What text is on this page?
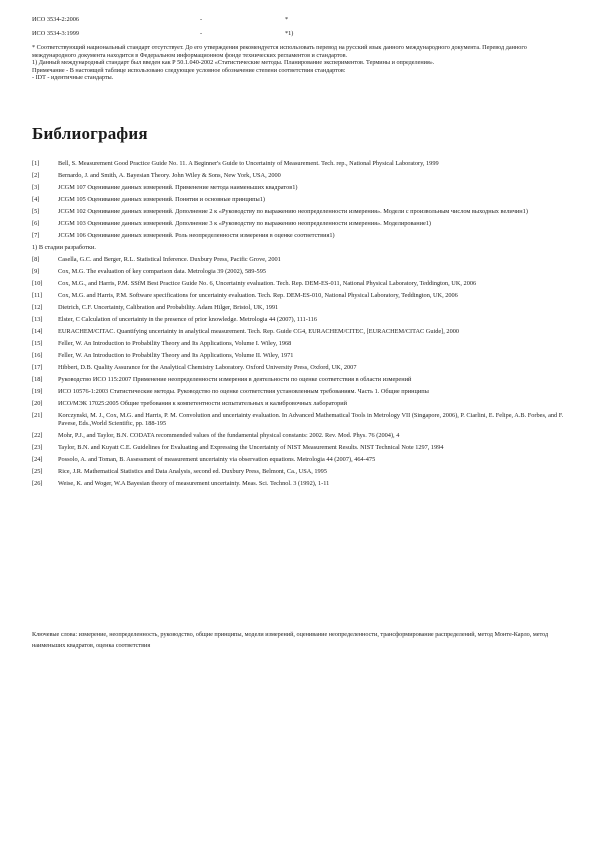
ИСО 3534-2:2006	-	*
ИСО 3534-3:1999	-	*1)

* Соответствующий национальный стандарт отсутствует. До его утверждения рекомендуется использовать перевод на русский язык данного международного документа. Перевод данного международного документа находится в Федеральном информационном фонде технических регламентов и стандартов.

1) Данный международный стандарт был введен как Р 50.1.040-2002 «Статистические методы. Планирование экспериментов. Термины и определения».

Примечание - В настоящей таблице использовано следующее условное обозначение степени соответствия стандартов:

- IDT - идентичные стандарты.

Библиография
[1]	Bell, S. Measurement Good Practice Guide No. 11. A Beginner's Guide to Uncertainty of Measurement. Tech. rep., National Physical Laboratory, 1999
[2]	Bernardo, J. and Smith, A. Bayesian Theory. John Wiley & Sons, New York, USA, 2000
[3]	JCGM 107 Оценивание данных измерений. Применение метода наименьших квадратов1)
[4]	JCGM 105 Оценивание данных измерений. Понятия и основные принципы1)
[5]	JCGM 102 Оценивание данных измерений. Дополнение 2 к «Руководству по выражению неопределенности измерения». Модели с произвольным числом выходных величин1)
[6]	JCGM 103 Оценивание данных измерений. Дополнение 3 к «Руководству по выражению неопределенности измерения». Моделирование1)
[7]	JCGM 106 Оценивание данных измерений. Роль неопределенности измерения в оценке соответствия1)
1) В стадии разработки.
[8]	Casella, G.C. and Berger, R.L. Statistical Inference. Duxbury Press, Pacific Grove, 2001
[9]	Cox, M.G. The evaluation of key comparison data. Metrologia 39 (2002), 589-595
[10]	Cox, M.G., and Harris, P.M. SSfM Best Practice Guide No. 6, Uncertainty evaluation. Tech. Rep. DEM-ES-011, National Physical Laboratory, Teddington, UK, 2006
[11]	Cox, M.G. and Harris, P.M. Software specifications for uncertainty evaluation. Tech. Rep. DEM-ES-010, National Physical Laboratory, Teddington, UK, 2006
[12]	Dietrich, C.F. Uncertainty, Calibration and Probability. Adam Hilger, Bristol, UK, 1991
[13]	Elster, C Calculation of uncertainty in the presence of prior knowledge. Metrologia 44 (2007), 111-116
[14]	EURACHEM/CITAC. Quantifying uncertainty in analytical measurement. Tech. Rep. Guide CG4, EURACHEM/CITEC, [EURACHEM/CITAC Guide], 2000
[15]	Feller, W. An Introduction to Probability Theory and Its Applications, Volume I. Wiley, 1968
[16]	Feller, W. An Introduction to Probability Theory and Its Applications, Volume II. Wiley, 1971
[17]	Hibbert, D.B. Quality Assurance for the Analytical Chemistry Laboratory. Oxford University Press, Oxford, UK, 2007
[18]	Руководство ИСО 115:2007 Применение неопределенности измерения в деятельности по оценке соответствия в области измерений
[19]	ИСО 10576-1:2003 Статистические методы. Руководство по оценке соответствия установленным требованиям. Часть 1. Общие принципы
[20]	ИСО/МЭК 17025:2005 Общие требования к компетентности испытательных и калибровочных лабораторий
[21]	Korczynski, M. J., Cox, M.G. and Harris, P. M. Convolution and uncertainty evaluation. In Advanced Mathematical Tools in Metrology VII (Singapore, 2006), P. Ciarlini, E. Felipe, A.B. Forbes, and F. Pavese, Eds.,World Scientific, pp. 188-195
[22]	Mohr, P.J., and Taylor, B.N. CODATA recommended values of the fundamental physical constants: 2002. Rev. Mod. Phys. 76 (2004), 4
[23]	Taylor, B.N. and Kuyatt C.E. Guidelines for Evaluating and Expressing the Uncertainty of NIST Measurement Results. NIST Technical Note 1297, 1994
[24]	Possolo, A. and Toman, B. Assessment of measurement uncertainty via observation equations. Metrologia 44 (2007), 464-475
[25]	Rice, J.R. Mathematical Statistics and Data Analysis, second ed. Duxbury Press, Belmont, Ca., USA, 1995
[26]	Weise, K. and Woger, W.A Bayesian theory of measurement uncertainty. Meas. Sci. Technol. 3 (1992), 1-11
Ключевые слова: измерение, неопределенность, руководство, общие принципы, модели измерений, оценивание неопределенности, трансформирование распределений, метод Монте-Карло, метод наименьших квадратов, оценка соответствия
